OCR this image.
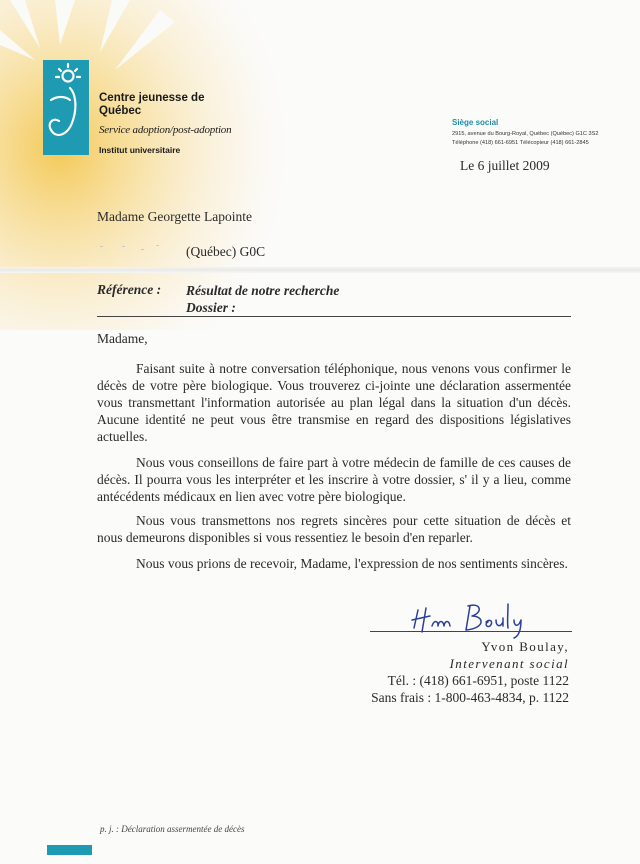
Centre jeunesse de Québec
Service adoption/post-adoption
Institut universitaire
Siège social
2915, avenue du Bourg-Royal, Québec (Québec) G1C 3S2
Téléphone (418) 661-6951 Télécopieur (418) 661-2845
Le 6 juillet 2009
Madame Georgette Lapointe
(Québec) G0C
Référence : Résultat de notre recherche
Dossier :
Madame,

Faisant suite à notre conversation téléphonique, nous venons vous confirmer le décès de votre père biologique. Vous trouverez ci-jointe une déclaration assermentée vous transmettant l'information autorisée au plan légal dans la situation d'un décès. Aucune identité ne peut vous être transmise en regard des dispositions législatives actuelles.

Nous vous conseillons de faire part à votre médecin de famille de ces causes de décès. Il pourra vous les interpréter et les inscrire à votre dossier, s' il y a lieu, comme antécédents médicaux en lien avec votre père biologique.

Nous vous transmettons nos regrets sincères pour cette situation de décès et nous demeurons disponibles si vous ressentiez le besoin d'en reparler.

Nous vous prions de recevoir, Madame, l'expression de nos sentiments sincères.

Yvon Boulay,
Intervenant social
Tél. : (418) 661-6951, poste 1122
Sans frais : 1-800-463-4834, p. 1122
p. j. : Déclaration assermentée de décès
